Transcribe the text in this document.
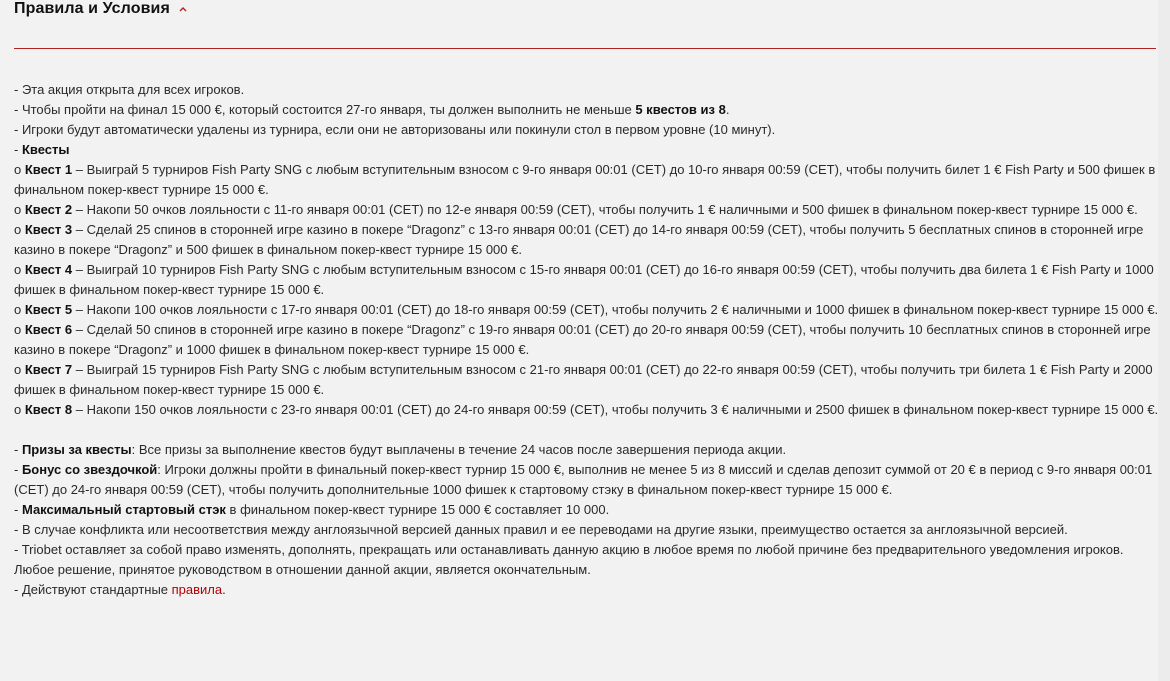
Правила и Условия
- Эта акция открыта для всех игроков.
- Чтобы пройти на финал 15 000 €, который состоится 27-го января, ты должен выполнить не меньше 5 квестов из 8.
- Игроки будут автоматически удалены из турнира, если они не авторизованы или покинули стол в первом уровне (10 минут).
- Квесты
o Квест 1 – Выиграй 5 турниров Fish Party SNG с любым вступительным взносом с 9-го января 00:01 (CET) до 10-го января 00:59 (CET), чтобы получить билет 1 € Fish Party и 500 фишек в финальном покер-квест турнире 15 000 €.
o Квест 2 – Накопи 50 очков лояльности с 11-го января 00:01 (CET) по 12-е января 00:59 (CET), чтобы получить 1 € наличными и 500 фишек в финальном покер-квест турнире 15 000 €.
o Квест 3 – Сделай 25 спинов в сторонней игре казино в покере “Dragonz” с 13-го января 00:01 (CET) до 14-го января 00:59 (CET), чтобы получить 5 бесплатных спинов в сторонней игре казино в покере “Dragonz” и 500 фишек в финальном покер-квест турнире 15 000 €.
o Квест 4 – Выиграй 10 турниров Fish Party SNG с любым вступительным взносом с 15-го января 00:01 (CET) до 16-го января 00:59 (CET), чтобы получить два билета 1 € Fish Party и 1000 фишек в финальном покер-квест турнире 15 000 €.
o Квест 5 – Накопи 100 очков лояльности с 17-го января 00:01 (CET) до 18-го января 00:59 (CET), чтобы получить 2 € наличными и 1000 фишек в финальном покер-квест турнире 15 000 €.
o Квест 6 – Сделай 50 спинов в сторонней игре казино в покере “Dragonz” с 19-го января 00:01 (CET) до 20-го января 00:59 (CET), чтобы получить 10 бесплатных спинов в сторонней игре казино в покере “Dragonz” и 1000 фишек в финальном покер-квест турнире 15 000 €.
o Квест 7 – Выиграй 15 турниров Fish Party SNG с любым вступительным взносом с 21-го января 00:01 (CET) до 22-го января 00:59 (CET), чтобы получить три билета 1 € Fish Party и 2000 фишек в финальном покер-квест турнире 15 000 €.
o Квест 8 – Накопи 150 очков лояльности с 23-го января 00:01 (CET) до 24-го января 00:59 (CET), чтобы получить 3 € наличными и 2500 фишек в финальном покер-квест турнире 15 000 €.
- Призы за квесты: Все призы за выполнение квестов будут выплачены в течение 24 часов после завершения периода акции.
- Бонус со звездочкой: Игроки должны пройти в финальный покер-квест турнир 15 000 €, выполнив не менее 5 из 8 миссий и сделав депозит суммой от 20 € в период с 9-го января 00:01 (CET) до 24-го января 00:59 (CET), чтобы получить дополнительные 1000 фишек к стартовому стэку в финальном покер-квест турнире 15 000 €.
- Максимальный стартовый стэк в финальном покер-квест турнире 15 000 € составляет 10 000.
- В случае конфликта или несоответствия между англоязычной версией данных правил и ее переводами на другие языки, преимущество остается за англоязычной версией.
- Triobet оставляет за собой право изменять, дополнять, прекращать или останавливать данную акцию в любое время по любой причине без предварительного уведомления игроков. Любое решение, принятое руководством в отношении данной акции, является окончательным.
- Действуют стандартные правила.
